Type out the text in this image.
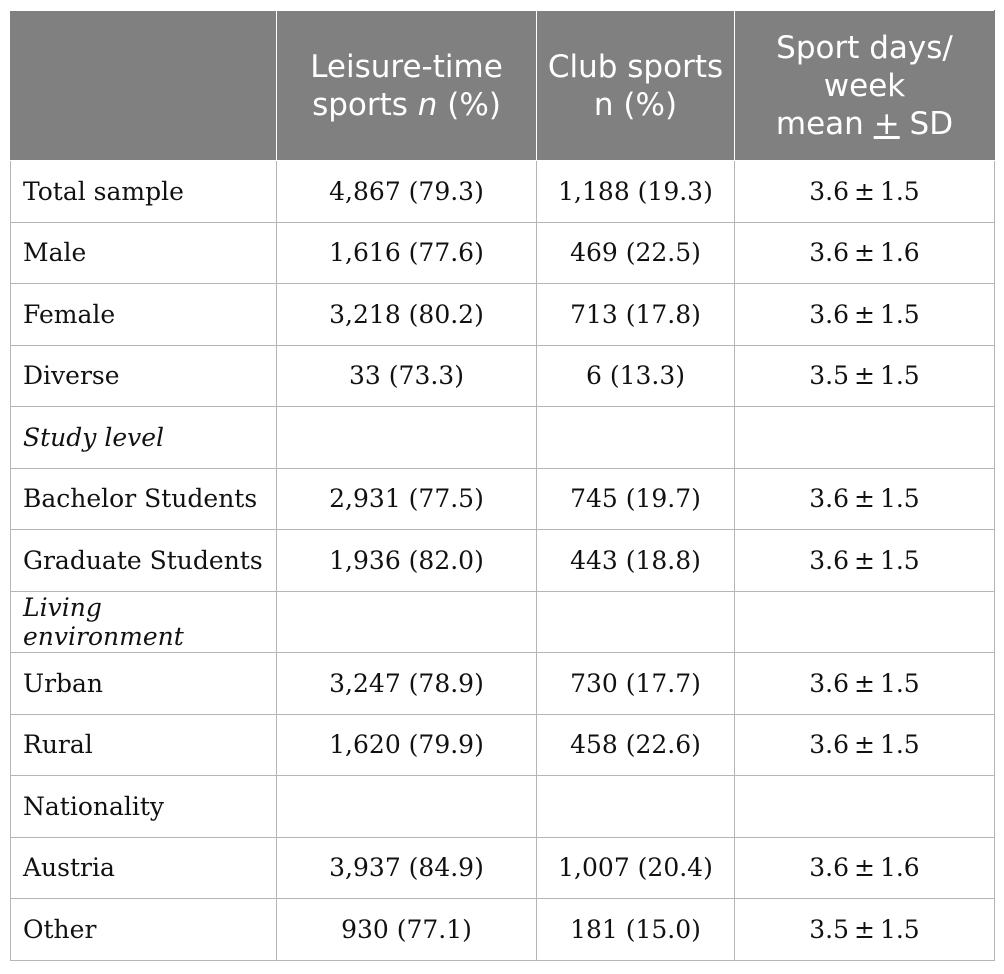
	Leisure-time sports n (%)	Club sports n (%)	Sport days/
week
mean + SD
Total sample	4,867 (79.3)	1,188 (19.3)	3.6 ± 1.5
Male	1,616 (77.6)	469 (22.5)	3.6 ± 1.6
Female	3,218 (80.2)	713 (17.8)	3.6 ± 1.5
Diverse	33 (73.3)	6 (13.3)	3.5 ± 1.5
Study level			
Bachelor Students	2,931 (77.5)	745 (19.7)	3.6 ± 1.5
Graduate Students	1,936 (82.0)	443 (18.8)	3.6 ± 1.5
Living environment			
Urban	3,247 (78.9)	730 (17.7)	3.6 ± 1.5
Rural	1,620 (79.9)	458 (22.6)	3.6 ± 1.5
Nationality			
Austria	3,937 (84.9)	1,007 (20.4)	3.6 ± 1.6
Other	930 (77.1)	181 (15.0)	3.5 ± 1.5
